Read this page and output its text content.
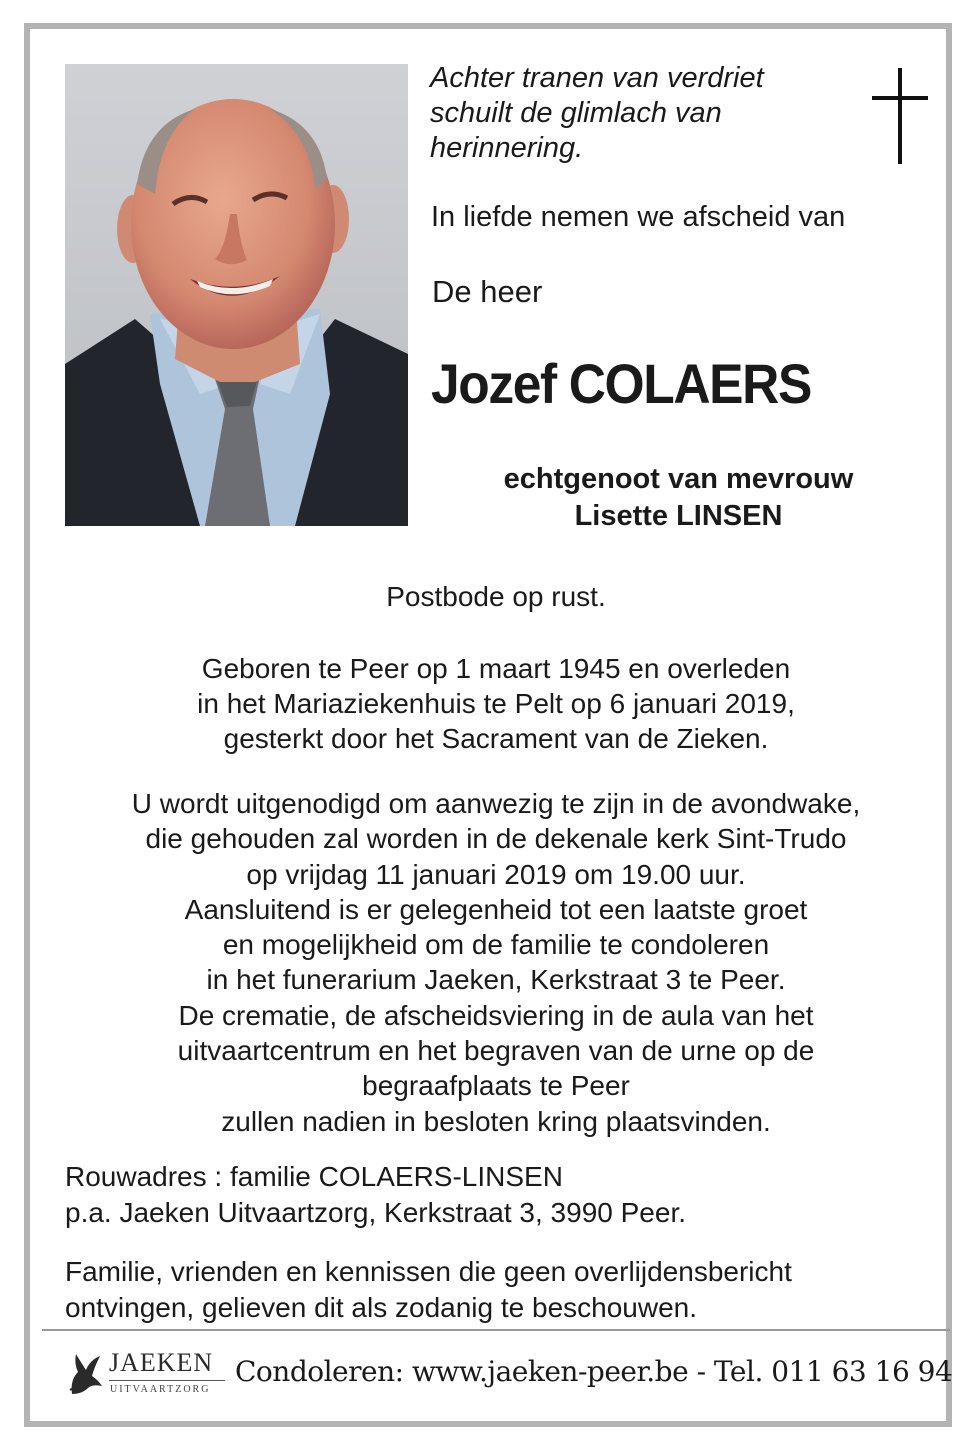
Achter tranen van verdriet
schuilt de glimlach van
herinnering.
In liefde nemen we afscheid van
De heer
Jozef COLAERS
echtgenoot van mevrouw
Lisette LINSEN
Postbode op rust.
Geboren te Peer op 1 maart 1945 en overleden
in het Mariaziekenhuis te Pelt op 6 januari 2019,
gesterkt door het Sacrament van de Zieken.
U wordt uitgenodigd om aanwezig te zijn in de avondwake,
die gehouden zal worden in de dekenale kerk Sint-Trudo
op vrijdag 11 januari 2019 om 19.00 uur.
Aansluitend is er gelegenheid tot een laatste groet
en mogelijkheid om de familie te condoleren
in het funerarium Jaeken, Kerkstraat 3 te Peer.
De crematie, de afscheidsviering in de aula van het
uitvaartcentrum en het begraven van de urne op de
begraafplaats te Peer
zullen nadien in besloten kring plaatsvinden.
Rouwadres : familie COLAERS-LINSEN
p.a. Jaeken Uitvaartzorg, Kerkstraat 3, 3990 Peer.
Familie, vrienden en kennissen die geen overlijdensbericht
ontvingen, gelieven dit als zodanig te beschouwen.
JAEKEN
UITVAARTZORG
Condoleren: www.jaeken-peer.be - Tel. 011 63 16 94
